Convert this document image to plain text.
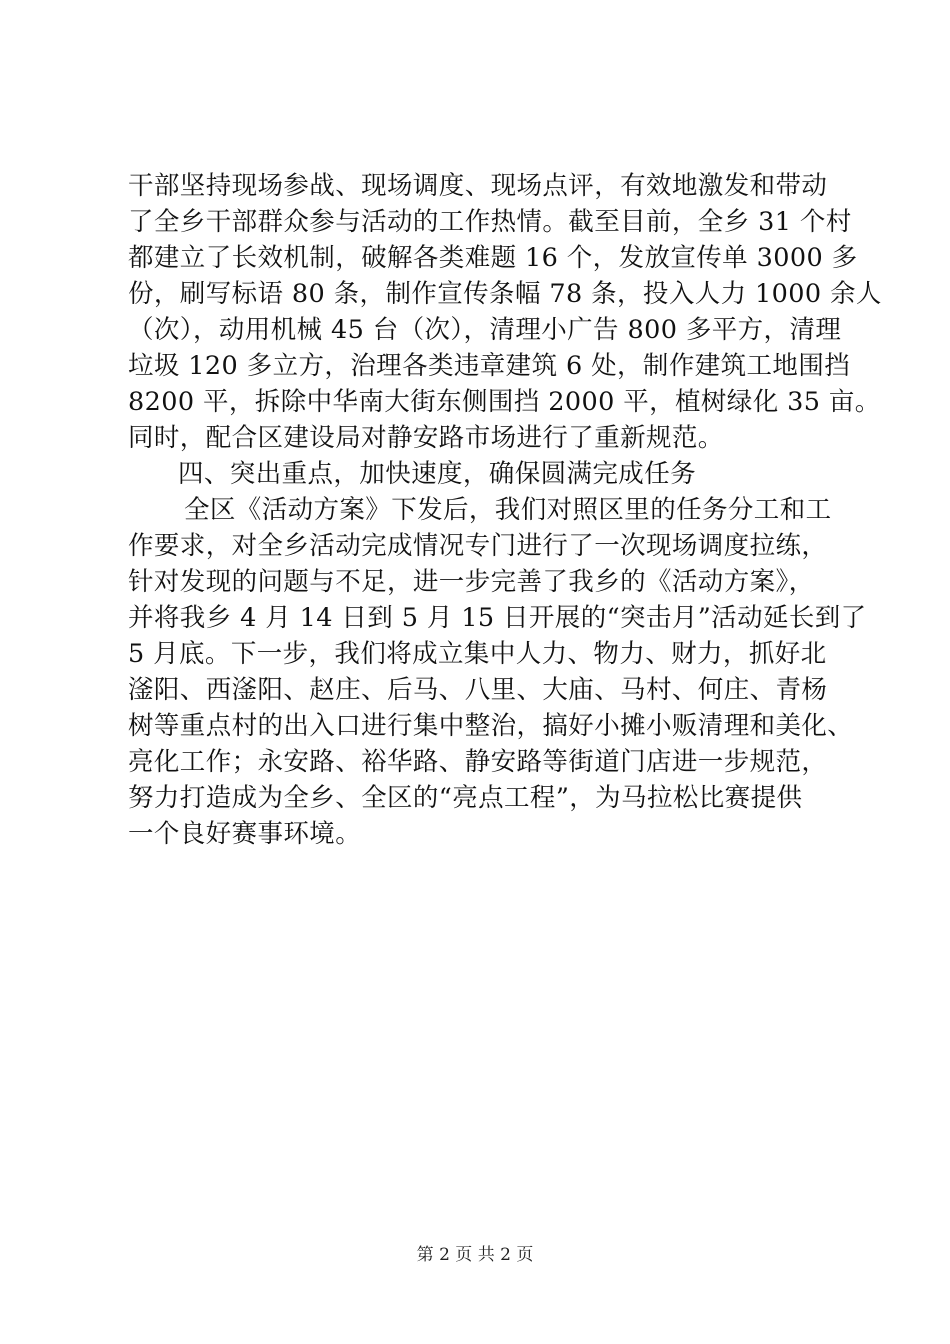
干部坚持现场参战、现场调度、现场点评，有效地激发和带动
了全乡干部群众参与活动的工作热情。截至目前，全乡 31 个村
都建立了长效机制，破解各类难题 16 个，发放宣传单 3000 多
份，刷写标语 80 条，制作宣传条幅 78 条，投入人力 1000 余人
（次），动用机械 45 台（次），清理小广告 800 多平方，清理
垃圾 120 多立方，治理各类违章建筑 6 处，制作建筑工地围挡
8200 平，拆除中华南大街东侧围挡 2000 平，植树绿化 35 亩。
同时，配合区建设局对静安路市场进行了重新规范。
四、突出重点，加快速度，确保圆满完成任务
全区《活动方案》下发后，我们对照区里的任务分工和工
作要求，对全乡活动完成情况专门进行了一次现场调度拉练，
针对发现的问题与不足，进一步完善了我乡的《活动方案》，
并将我乡 4 月 14 日到 5 月 15 日开展的“突击月”活动延长到了
5 月底。下一步，我们将成立集中人力、物力、财力，抓好北
滏阳、西滏阳、赵庄、后马、八里、大庙、马村、何庄、青杨
树等重点村的出入口进行集中整治，搞好小摊小贩清理和美化、
亮化工作；永安路、裕华路、静安路等街道门店进一步规范，
努力打造成为全乡、全区的“亮点工程”，为马拉松比赛提供
一个良好赛事环境。
第 2 页 共 2 页
